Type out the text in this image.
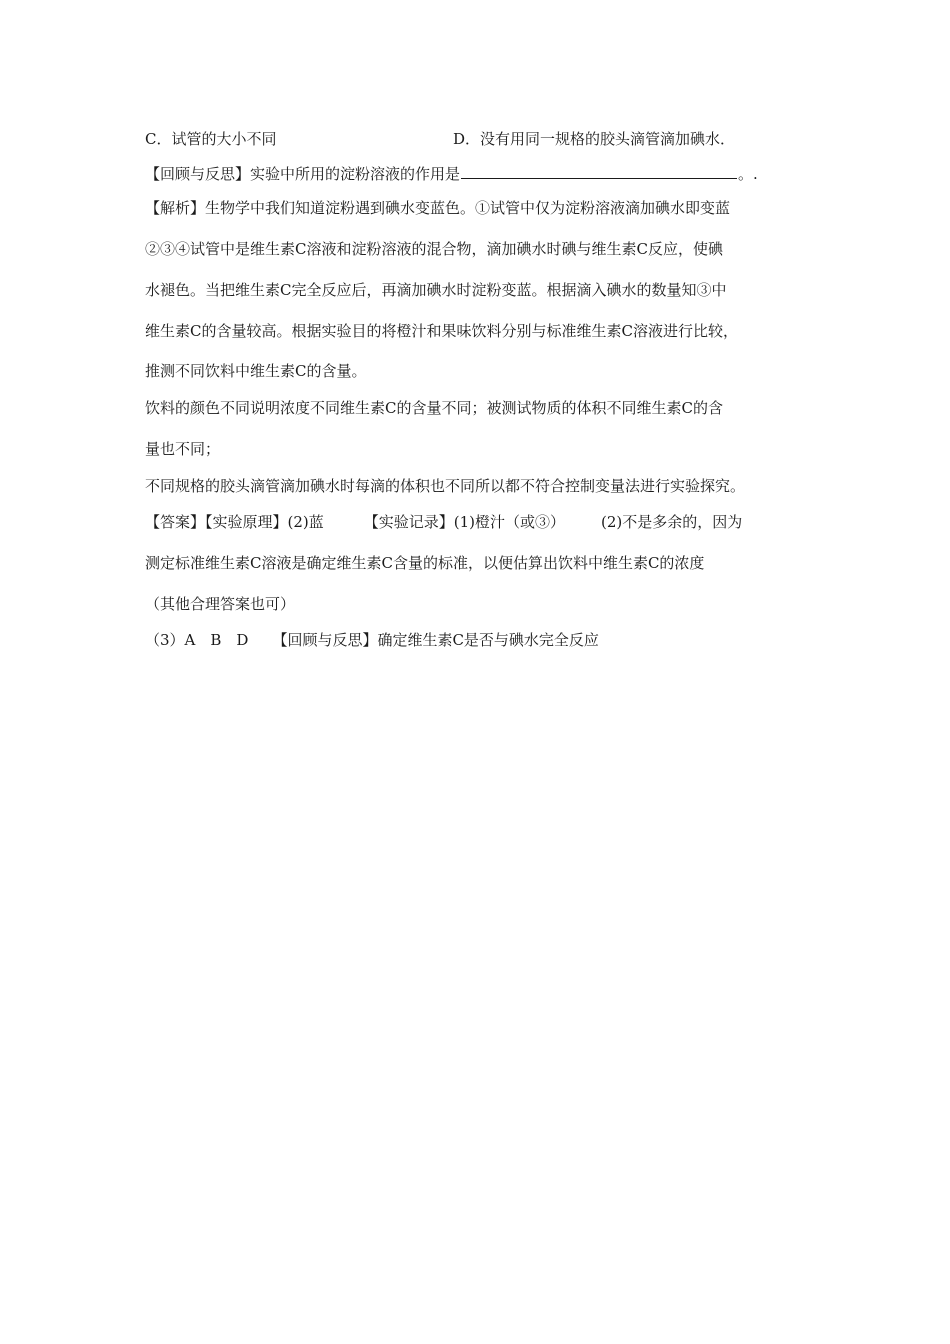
C．试管的大小不同	D．没有用同一规格的胶头滴管滴加碘水．
【回顾与反思】实验中所用的淀粉溶液的作用是	。.
【解析】生物学中我们知道淀粉遇到碘水变蓝色。①试管中仅为淀粉溶液滴加碘水即变蓝
②③④试管中是维生素C溶液和淀粉溶液的混合物，滴加碘水时碘与维生素C反应，使碘
水褪色。当把维生素C完全反应后，再滴加碘水时淀粉变蓝。根据滴入碘水的数量知③中
维生素C的含量较高。根据实验目的将橙汁和果味饮料分别与标准维生素C溶液进行比较，
推测不同饮料中维生素C的含量。
饮料的颜色不同说明浓度不同维生素C的含量不同；被测试物质的体积不同维生素C的含
量也不同；
不同规格的胶头滴管滴加碘水时每滴的体积也不同所以都不符合控制变量法进行实验探究。
【答案】【实验原理】(2)蓝	【实验记录】(1)橙汁（或③） (2)不是多余的，因为
测定标准维生素C溶液是确定维生素C含量的标准，以便估算出饮料中维生素C的浓度
（其他合理答案也可）
（3）A　B　D 【回顾与反思】确定维生素C是否与碘水完全反应
